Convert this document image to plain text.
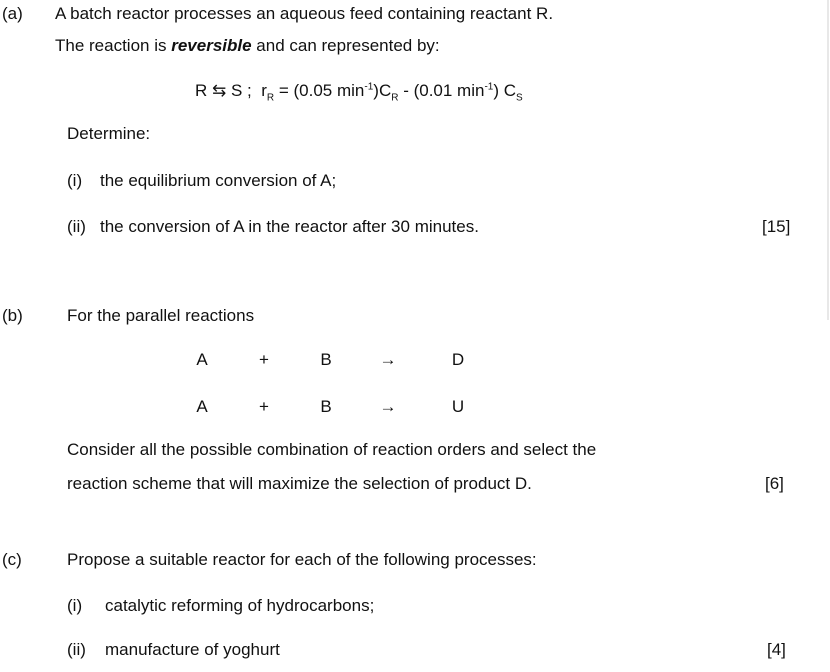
(a) A batch reactor processes an aqueous feed containing reactant R.
The reaction is reversible and can represented by:
R ⇆ S ; $r_R = (0.05$ $\min^{-1})C_R - (0.01$ $\min^{-1}$) $C_S$
Determine:
(i) the equilibrium conversion of A;
(ii) the conversion of A in the reactor after 30 minutes.	[15]
(b)	For the parallel reactions
A	+	B	→	D
A	+	B	→	U
Consider all the possible combination of reaction orders and select the
reaction scheme that will maximize the selection of product D.	[6]
(c)	Propose a suitable reactor for each of the following processes:
(i) catalytic reforming of hydrocarbons;
(ii) manufacture of yoghurt	[4]
